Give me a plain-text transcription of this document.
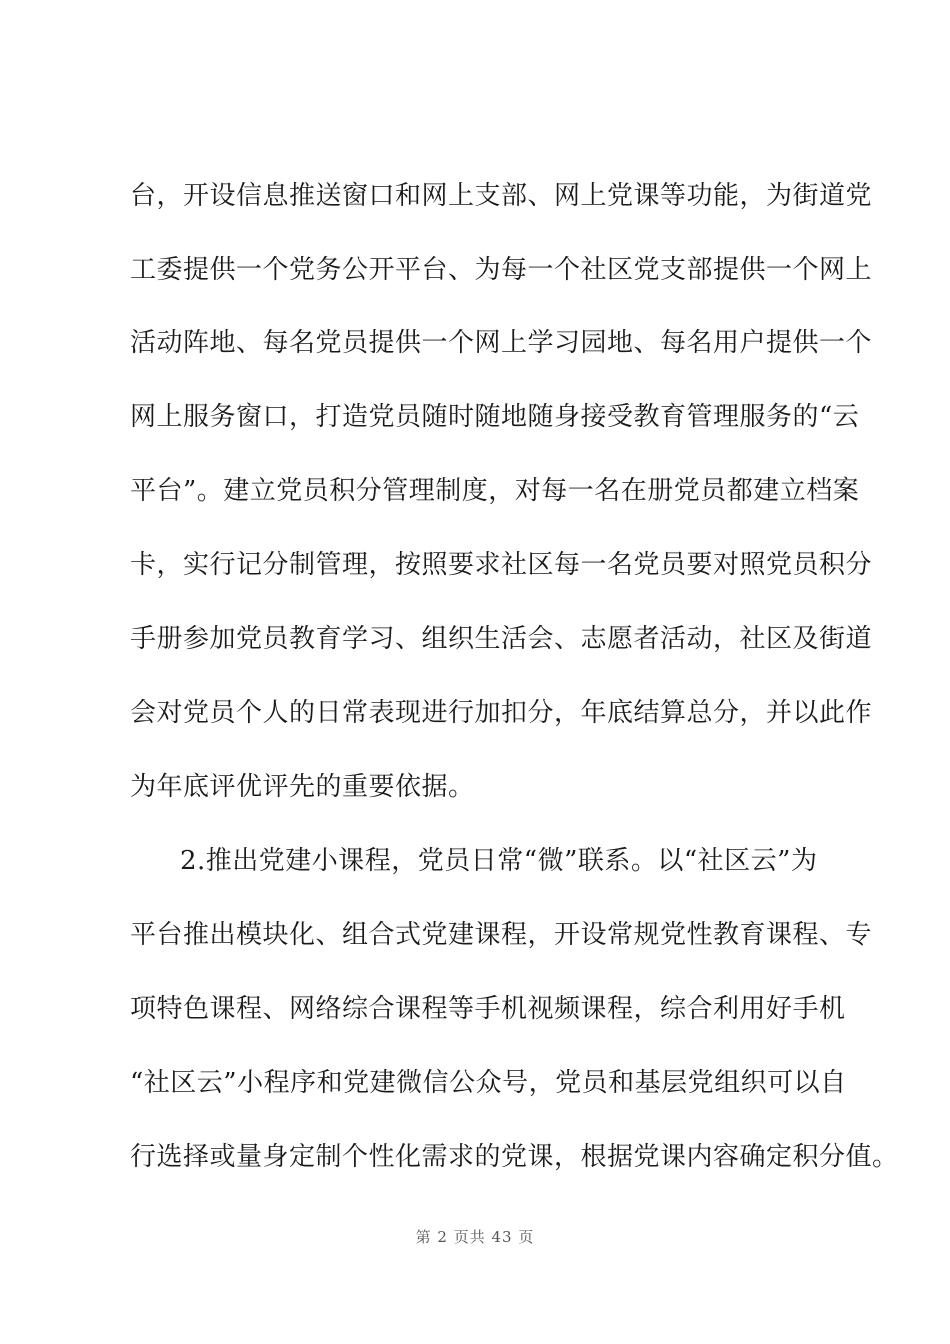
台，开设信息推送窗口和网上支部、网上党课等功能，为街道党
工委提供一个党务公开平台、为每一个社区党支部提供一个网上
活动阵地、每名党员提供一个网上学习园地、每名用户提供一个
网上服务窗口，打造党员随时随地随身接受教育管理服务的“云
平台”。建立党员积分管理制度，对每一名在册党员都建立档案
卡，实行记分制管理，按照要求社区每一名党员要对照党员积分
手册参加党员教育学习、组织生活会、志愿者活动，社区及街道
会对党员个人的日常表现进行加扣分，年底结算总分，并以此作
为年底评优评先的重要依据。
2.推出党建小课程，党员日常“微”联系。以“社区云”为
平台推出模块化、组合式党建课程，开设常规党性教育课程、专
项特色课程、网络综合课程等手机视频课程，综合利用好手机
“社区云”小程序和党建微信公众号，党员和基层党组织可以自
行选择或量身定制个性化需求的党课，根据党课内容确定积分值。
第 2 页共 43 页
